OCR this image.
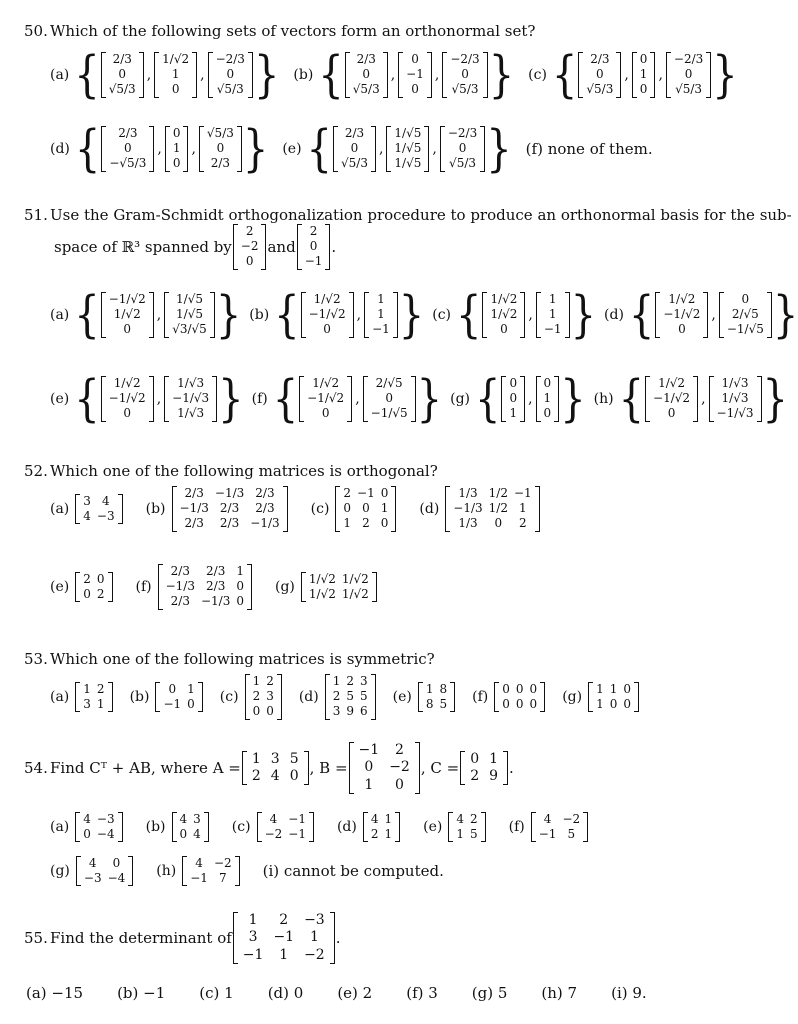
50. Which of the following sets of vectors form an orthonormal set?
(a) { 2/3
0
√5/3
,
1/√2
1
0
,
−2/3
0
√5/3 } (b) { 2/3
0
√5/3
,
0
−1
0
,
−2/3
0
√5/3 } (c) { 2/3
0
√5/3
,
0
1
0
,
−2/3
0
√5/3 }
(d) { 2/3
0
−√5/3
,
0
1
0
,
√5/3
0
2/3 } (e) { 2/3
0
√5/3
,
1/√5
1/√5
1/√5
,
−2/3
0
√5/3 } (f) none of them.
51. Use the Gram-Schmidt orthogonalization procedure to produce an orthonormal basis for the sub-
space of ℝ³ spanned by
2
−2
0
and
2
0
−1
.
(a) { −1/√2
1/√2
0
,
1/√5
1/√5
√3/√5 } (b) { 1/√2
−1/√2
0
,
1
1
−1 } (c) { 1/√2
1/√2
0
,
1
1
−1 } (d) { 1/√2
−1/√2
0
,
0
2/√5
−1/√5 }
(e) { 1/√2
−1/√2
0
,
1/√3
−1/√3
1/√3 } (f) { 1/√2
−1/√2
0
,
2/√5
0
−1/√5 } (g) { 0
0
1
,
0
1
0 } (h) { 1/√2
−1/√2
0
,
1/√3
1/√3
−1/√3 }
52. Which one of the following matrices is orthogonal?
(a)
3	4
4	−3 (b)
2/3	−1/3	2/3
−1/3	2/3	2/3
2/3	2/3	−1/3
(c)
2	−1	0
0	0	1
1	2	0
(d)
1/3	1/2	−1
−1/3	1/2	1
1/3	0	2
(e)
2	0
0	2 (f)
2/3	2/3	1
−1/3	2/3	0
2/3	−1/3	0
(g)
1/√2	1/√2
1/√2	1/√2
53. Which one of the following matrices is symmetric?
(a)
1	2
3	1 (b)
0	1
−1	0 (c)
1	2
2	3
0	0
(d)
1	2	3
2	5	5
3	9	6
(e)
1	8
8	5 (f)
0	0	0
0	0	0 (g)
1	1	0
1	0	0
54. Find Cᵀ + AB, where A =
1	3	5
2	4	0 , B =
−1	2
0	−2
1	0
, C =
0	1
2	9 .
(a)
4	−3
0	−4 (b)
4	3
0	4 (c)
4	−1
−2	−1 (d)
4	1
2	1 (e)
4	2
1	5 (f)
4	−2
−1	5
(g)
4	0
−3	−4 (h)
4	−2
−1	7 (i) cannot be computed.
55. Find the determinant of
1	2	−3
3	−1	1
−1	1	−2
.
(a) −15 (b) −1 (c) 1 (d) 0 (e) 2 (f) 3 (g) 5 (h) 7 (i) 9.
